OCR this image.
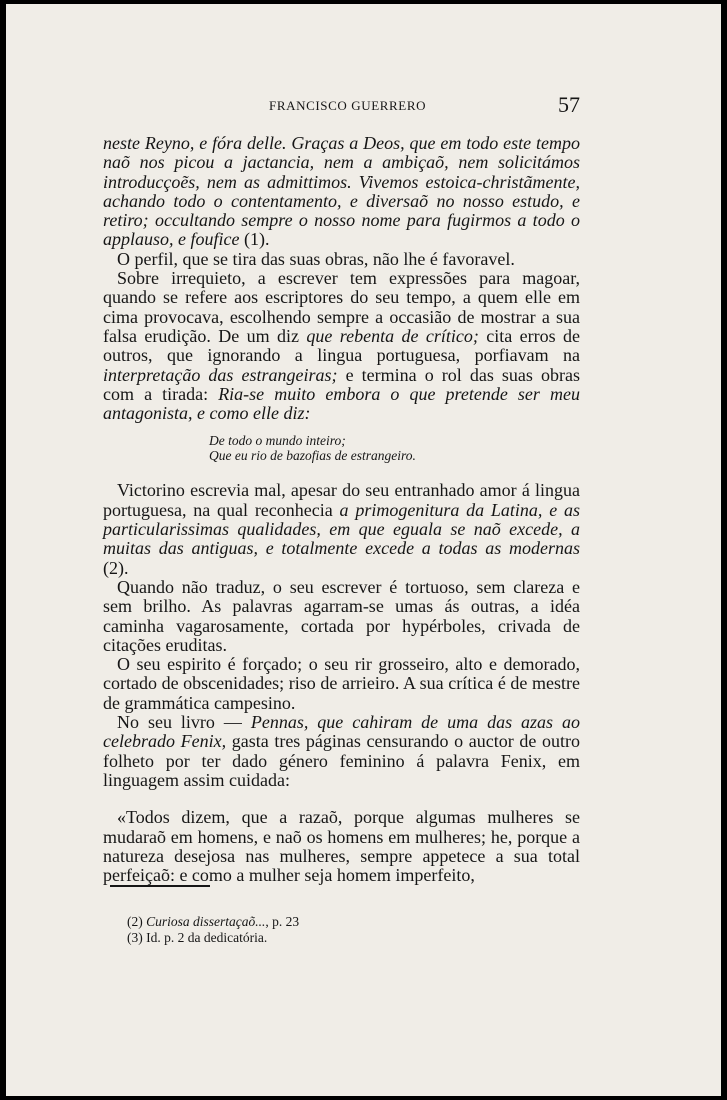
FRANCISCO GUERRERO	57

neste Reyno, e fóra delle. Graças a Deos, que em todo este tempo naõ nos picou a jactancia, nem a ambiçaõ, nem solicitámos introducçoẽs, nem as admittimos. Vivemos estoica-christãmente, achando todo o contentamento, e diversaõ no nosso estudo, e retiro; occultando sempre o nosso nome para fugirmos a todo o applauso, e foufice (1).

O perfil, que se tira das suas obras, não lhe é favoravel.

Sobre irrequieto, a escrever tem expressões para magoar, quando se refere aos escriptores do seu tempo, a quem elle em cima provocava, escolhendo sempre a occasião de mostrar a sua falsa erudição. De um diz que rebenta de crítico; cita erros de outros, que ignorando a lingua portuguesa, porfiavam na interpretação das estrangeiras; e termina o rol das suas obras com a tirada: Ria-se muito embora o que pretende ser meu antagonista, e como elle diz:

De todo o mundo inteiro;
Que eu rio de bazofias de estrangeiro.

Victorino escrevia mal, apesar do seu entranhado amor á lingua portuguesa, na qual reconhecia a primogenitura da Latina, e as particularissimas qualidades, em que eguala se naõ excede, a muitas das antiguas, e totalmente excede a todas as modernas (2).

Quando não traduz, o seu escrever é tortuoso, sem clareza e sem brilho. As palavras agarram-se umas ás outras, a idéa caminha vagarosamente, cortada por hypérboles, crivada de citações eruditas.

O seu espirito é forçado; o seu rir grosseiro, alto e demorado, cortado de obscenidades; riso de arrieiro. A sua crítica é de mestre de grammática campesino.

No seu livro — Pennas, que cahiram de uma das azas ao celebrado Fenix, gasta tres páginas censurando o auctor de outro folheto por ter dado género feminino á palavra Fenix, em linguagem assim cuidada:

«Todos dizem, que a razaõ, porque algumas mulheres se mudaraõ em homens, e naõ os homens em mulheres; he, porque a natureza desejosa nas mulheres, sempre appetece a sua total perfeiçaõ: e como a mulher seja homem imperfeito,

(2) Curiosa dissertaçaõ..., p. 23
(3) Id. p. 2 da dedicatória.
